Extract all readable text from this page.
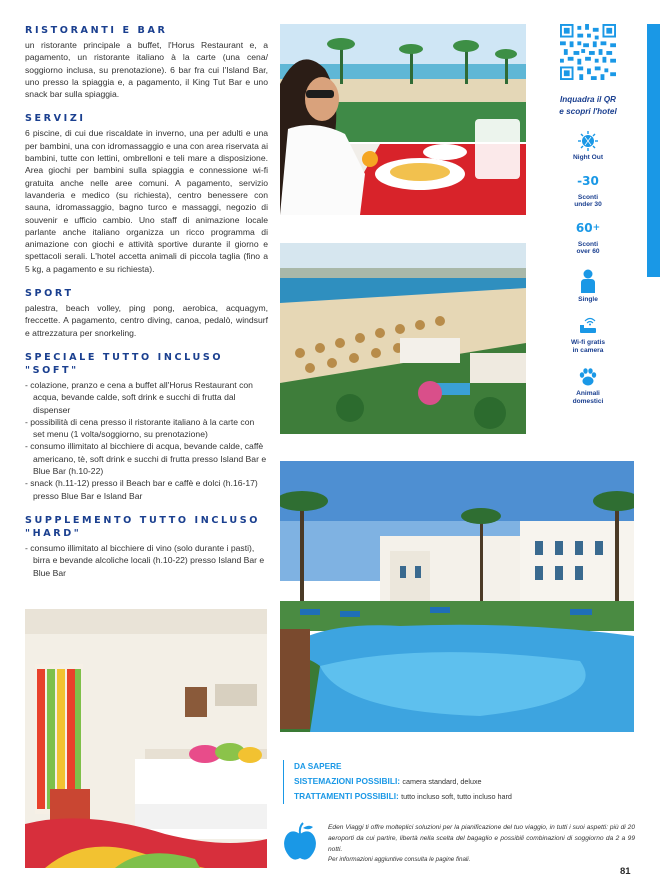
RISTORANTI E BAR
un ristorante principale a buffet, l'Horus Restaurant e, a pagamento, un ristorante italiano à la carte (una cena/ soggiorno inclusa, su prenotazione). 6 bar fra cui l'Island Bar, uno presso la spiaggia e, a pagamento, il King Tut Bar e uno snack bar sulla spiaggia.
SERVIZI
6 piscine, di cui due riscaldate in inverno, una per adulti e una per bambini, una con idromassaggio e una con area riservata ai bambini, tutte con lettini, ombrelloni e teli mare a disposizione. Area giochi per bambini sulla spiaggia e connessione wi-fi gratuita anche nelle aree comuni. A pagamento, servizio lavanderia e medico (su richiesta), centro benessere con sauna, idromassaggio, bagno turco e massaggi, negozio di souvenir e ufficio cambio. Uno staff di animazione locale parlante anche italiano organizza un ricco programma di animazione con giochi e attività sportive durante il giorno e spettacoli serali. L'hotel accetta animali di piccola taglia (fino a 5 kg, a pagamento e su richiesta).
SPORT
palestra, beach volley, ping pong, aerobica, acquagym, freccette. A pagamento, centro diving, canoa, pedalò, windsurf e attrezzatura per snorkeling.
SPECIALE TUTTO INCLUSO "SOFT"
- colazione, pranzo e cena a buffet all'Horus Restaurant con acqua, bevande calde, soft drink e succhi di frutta dal dispenser
- possibilità di cena presso il ristorante italiano à la carte con set menu (1 volta/soggiorno, su prenotazione)
- consumo illimitato al bicchiere di acqua, bevande calde, caffè americano, tè, soft drink e succhi di frutta presso Island Bar e Blue Bar (h.10-22)
- snack (h.11-12) presso il Beach bar e caffè e dolci (h.16-17) presso Blue Bar e Island Bar
SUPPLEMENTO TUTTO INCLUSO "HARD"
- consumo illimitato al bicchiere di vino (solo durante i pasti), birra e bevande alcoliche locali (h.10-22) presso Island Bar e Blue Bar
Inquadra il QR
e scopri l'hotel
Night Out
- 30
Sconti
under 30
60 +
Sconti
over 60
Single
Wi-fi gratis
in camera
Animali
domestici
DA SAPERE
SISTEMAZIONI POSSIBILI: camera standard, deluxe
TRATTAMENTI POSSIBILI: tutto incluso soft, tutto incluso hard
Eden Viaggi ti offre molteplici soluzioni per la pianificazione del tuo viaggio, in tutti i suoi aspetti: più di 20 aeroporti da cui partire, libertà nella scelta del bagaglio e possibili combinazioni di soggiorno da 2 a 99 notti.
Per informazioni aggiuntive consulta le pagine finali.
81
